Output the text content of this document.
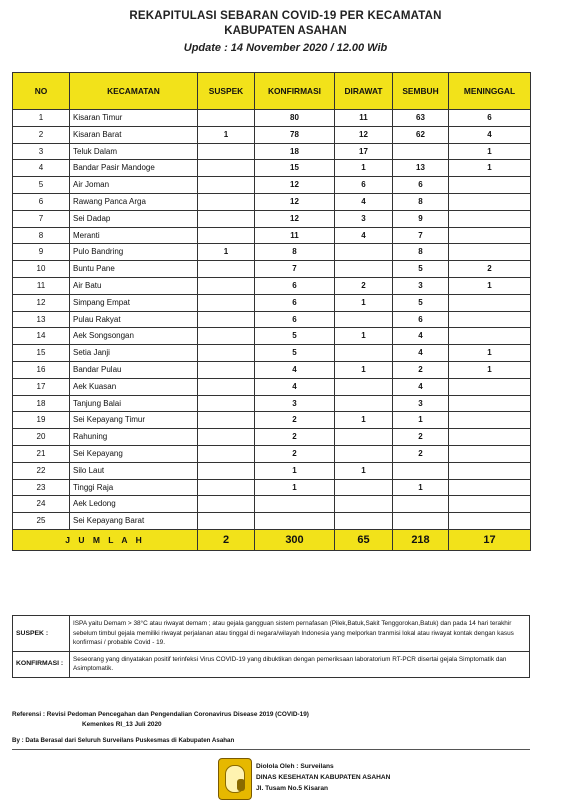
REKAPITULASI SEBARAN COVID-19 PER KECAMATAN
KABUPATEN ASAHAN
Update : 14 November 2020 / 12.00 Wib
NO	KECAMATAN	SUSPEK	KONFIRMASI	DIRAWAT	SEMBUH	MENINGGAL
1	Kisaran Timur		80	11	63	6
2	Kisaran Barat	1	78	12	62	4
3	Teluk Dalam		18	17		1
4	Bandar Pasir Mandoge		15	1	13	1
5	Air Joman		12	6	6	
6	Rawang Panca Arga		12	4	8	
7	Sei Dadap		12	3	9	
8	Meranti		11	4	7	
9	Pulo Bandring	1	8		8	
10	Buntu Pane		7		5	2
11	Air Batu		6	2	3	1
12	Simpang Empat		6	1	5	
13	Pulau Rakyat		6		6	
14	Aek Songsongan		5	1	4	
15	Setia Janji		5		4	1
16	Bandar Pulau		4	1	2	1
17	Aek Kuasan		4		4	
18	Tanjung Balai		3		3	
19	Sei Kepayang Timur		2	1	1	
20	Rahuning		2		2	
21	Sei Kepayang		2		2	
22	Silo Laut		1	1		
23	Tinggi Raja		1		1	
24	Aek Ledong					
25	Sei Kepayang Barat					
J U M L A H		2	300	65	218	17
SUSPEK :	ISPA yaitu Demam > 38°C atau riwayat demam ; atau gejala gangguan sistem pernafasan (Pilek,Batuk,Sakit Tenggorokan,Batuk) dan pada 14 hari terakhir sebelum timbul gejala memiliki riwayat perjalanan atau tinggal di negara/wilayah Indonesia yang melporkan tranmisi lokal atau riwayat kontak dengan kasus konfirmasi / probable Covid - 19.
KONFIRMASI :	Seseorang yang dinyatakan positif terinfeksi Virus COVID-19 yang dibuktikan dengan pemeriksaan laboratorium RT-PCR disertai gejala Simptomatik dan Asimptomatik.
Referensi : Revisi Pedoman Pencegahan dan Pengendalian Coronavirus Disease 2019 (COVID-19)
Kemenkes RI_13 Juli 2020
By : Data Berasal dari Seluruh Surveilans Puskesmas di Kabupaten Asahan
Diolola Oleh : Surveilans
DINAS KESEHATAN KABUPATEN ASAHAN
Jl. Tusam No.5 Kisaran
